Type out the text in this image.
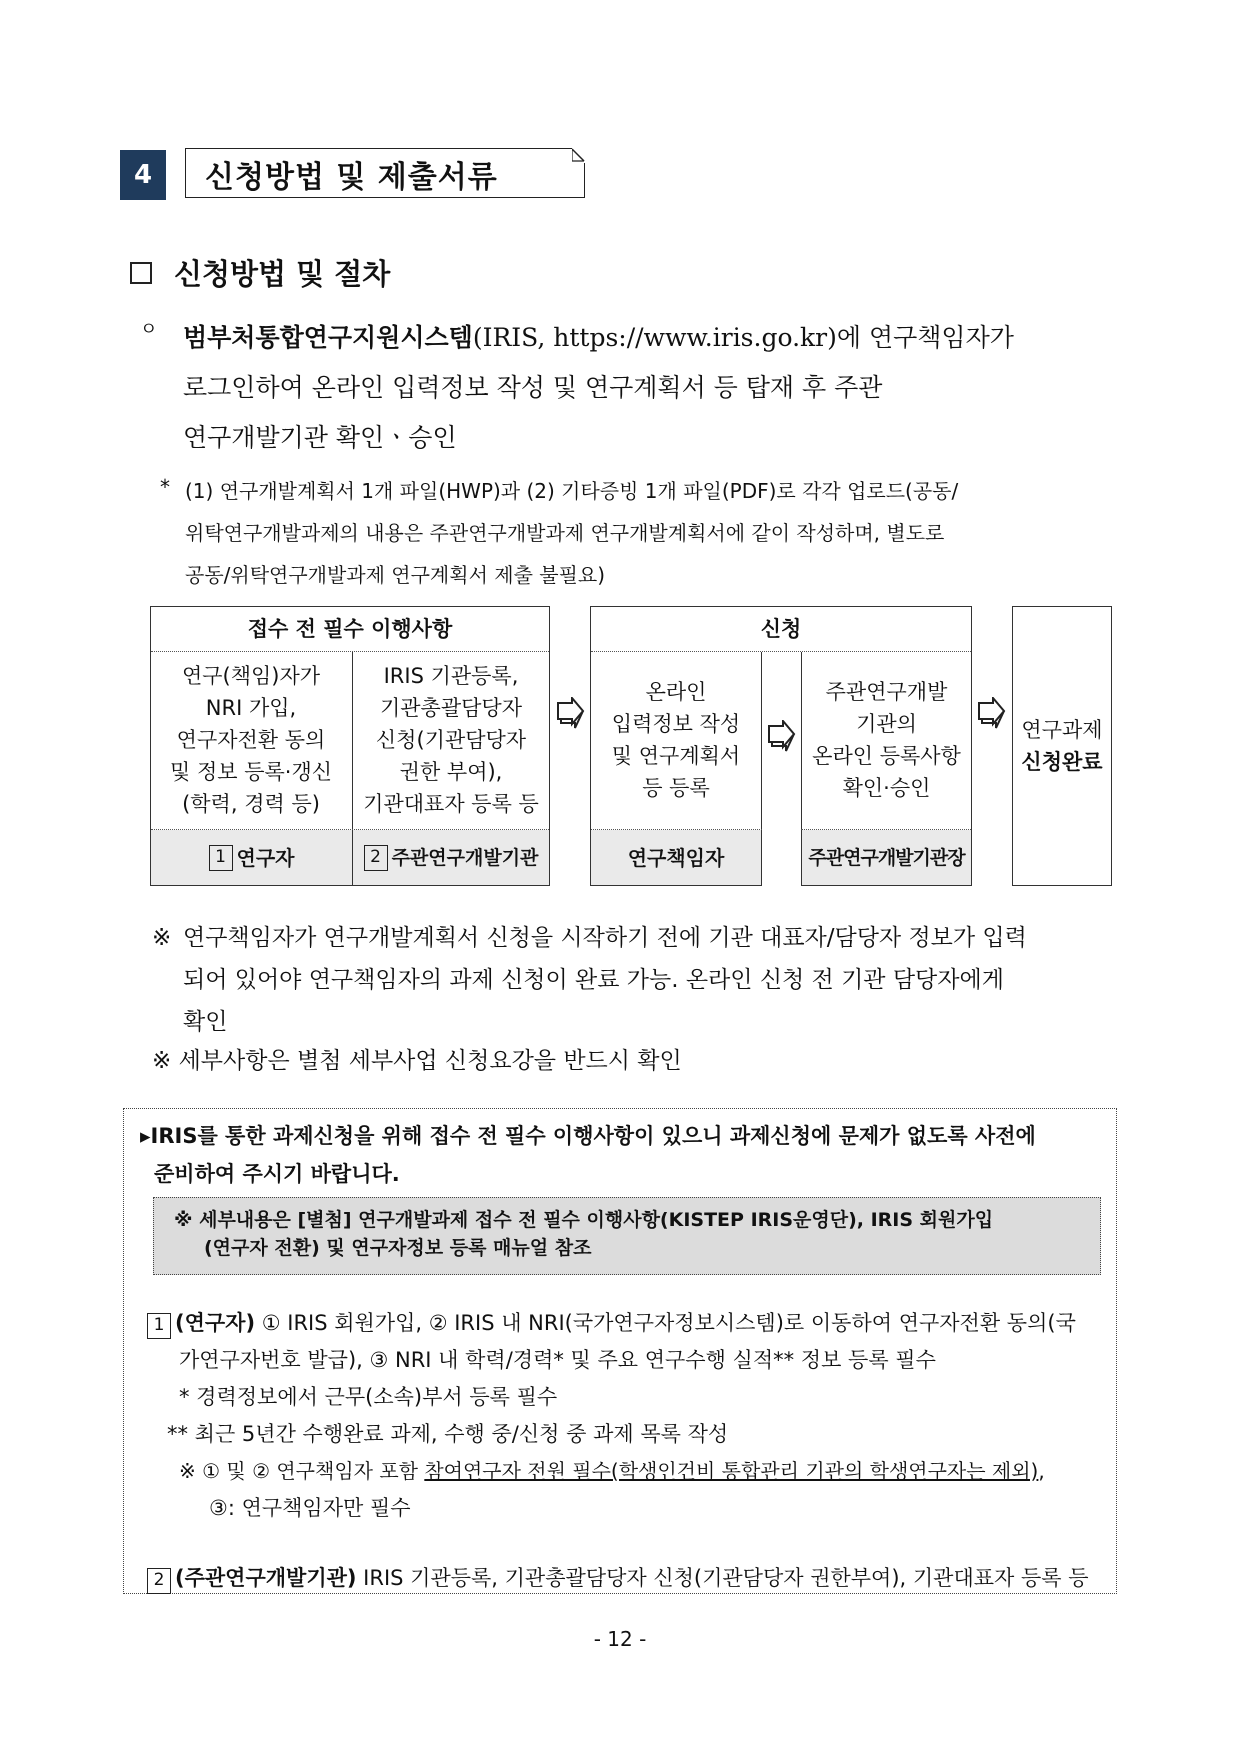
4	신청방법 및 제출서류
신청방법 및 절차
ㅇ 범부처통합연구지원시스템(IRIS, https://www.iris.go.kr)에 연구책임자가
로그인하여 온라인 입력정보 작성 및 연구계획서 등 탑재 후 주관
연구개발기관 확인ㆍ승인
* (1) 연구개발계획서 1개 파일(HWP)과 (2) 기타증빙 1개 파일(PDF)로 각각 업로드(공동/
위탁연구개발과제의 내용은 주관연구개발과제 연구개발계획서에 같이 작성하며, 별도로
공동/위탁연구개발과제 연구계획서 제출 불필요)
접수 전 필수 이행사항
연구(책임)자가
NRI 가입,
연구자전환 동의
및 정보 등록·갱신
(학력, 경력 등)
IRIS 기관등록,
기관총괄담당자
신청(기관담당자
권한 부여),
기관대표자 등록 등
1 연구자	2 주관연구개발기관
신청
온라인
입력정보 작성
및 연구계획서
등 등록
주관연구개발
기관의
온라인 등록사항
확인·승인
연구책임자	주관연구개발기관장
연구과제
신청완료
※ 연구책임자가 연구개발계획서 신청을 시작하기 전에 기관 대표자/담당자 정보가 입력
되어 있어야 연구책임자의 과제 신청이 완료 가능. 온라인 신청 전 기관 담당자에게
확인
※ 세부사항은 별첨 세부사업 신청요강을 반드시 확인
▸IRIS를 통한 과제신청을 위해 접수 전 필수 이행사항이 있으니 과제신청에 문제가 없도록 사전에
준비하여 주시기 바랍니다.
※ 세부내용은 [별첨] 연구개발과제 접수 전 필수 이행사항(KISTEP IRIS운영단), IRIS 회원가입
(연구자 전환) 및 연구자정보 등록 매뉴얼 참조
1 (연구자) ① IRIS 회원가입, ② IRIS 내 NRI(국가연구자정보시스템)로 이동하여 연구자전환 동의(국
가연구자번호 발급), ③ NRI 내 학력/경력* 및 주요 연구수행 실적** 정보 등록 필수
* 경력정보에서 근무(소속)부서 등록 필수
** 최근 5년간 수행완료 과제, 수행 중/신청 중 과제 목록 작성
※ ① 및 ② 연구책임자 포함 참여연구자 전원 필수(학생인건비 통합관리 기관의 학생연구자는 제외),
③: 연구책임자만 필수
2 (주관연구개발기관) IRIS 기관등록, 기관총괄담당자 신청(기관담당자 권한부여), 기관대표자 등록 등
- 12 -
